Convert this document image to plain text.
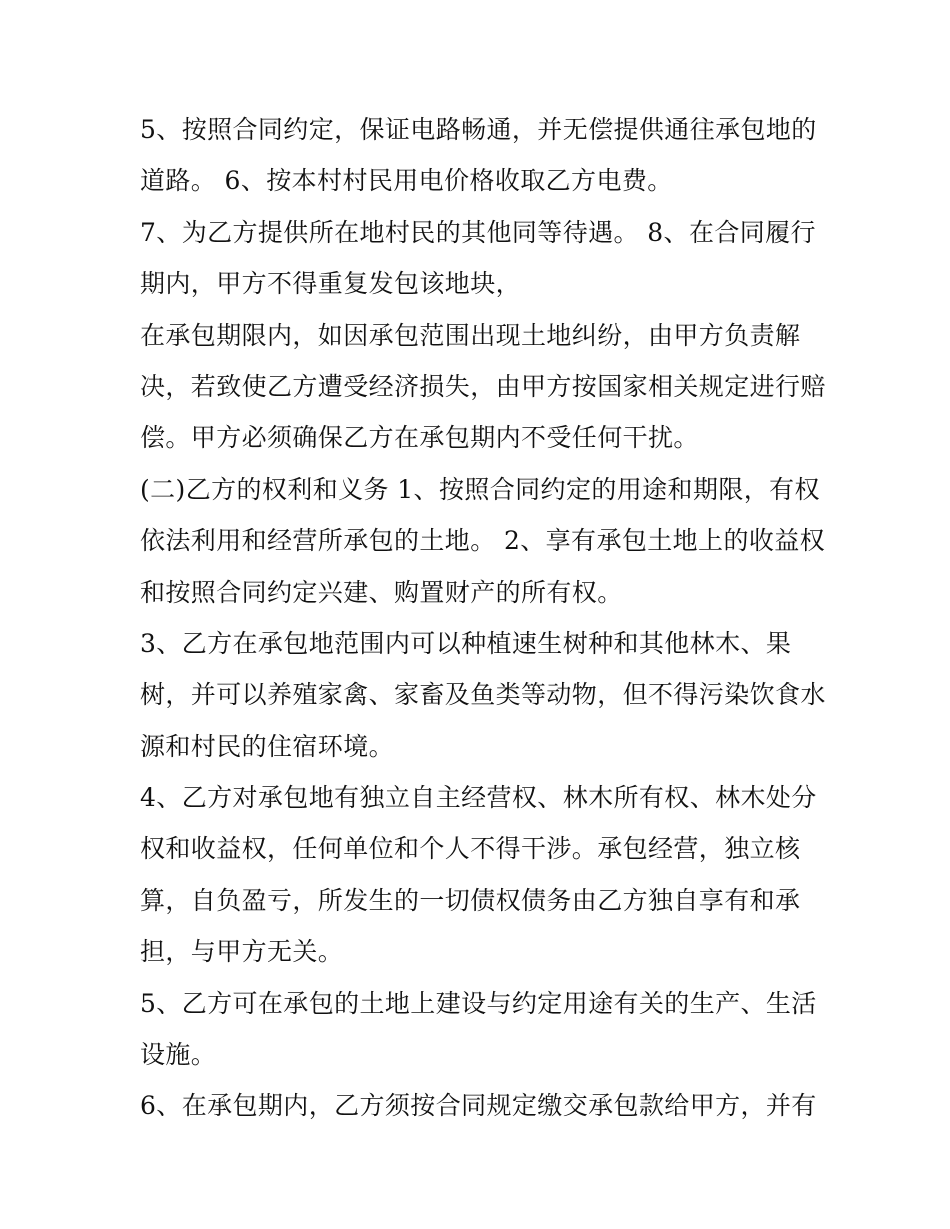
5、按照合同约定，保证电路畅通，并无偿提供通往承包地的
道路。 6、按本村村民用电价格收取乙方电费。
7、为乙方提供所在地村民的其他同等待遇。 8、在合同履行
期内，甲方不得重复发包该地块，
在承包期限内，如因承包范围出现土地纠纷，由甲方负责解
决，若致使乙方遭受经济损失，由甲方按国家相关规定进行赔
偿。甲方必须确保乙方在承包期内不受任何干扰。
(二)乙方的权利和义务 1、按照合同约定的用途和期限，有权
依法利用和经营所承包的土地。 2、享有承包土地上的收益权
和按照合同约定兴建、购置财产的所有权。
3、乙方在承包地范围内可以种植速生树种和其他林木、果
树，并可以养殖家禽、家畜及鱼类等动物，但不得污染饮食水
源和村民的住宿环境。
4、乙方对承包地有独立自主经营权、林木所有权、林木处分
权和收益权，任何单位和个人不得干涉。承包经营，独立核
算，自负盈亏，所发生的一切债权债务由乙方独自享有和承
担，与甲方无关。
5、乙方可在承包的土地上建设与约定用途有关的生产、生活
设施。
6、在承包期内，乙方须按合同规定缴交承包款给甲方，并有
